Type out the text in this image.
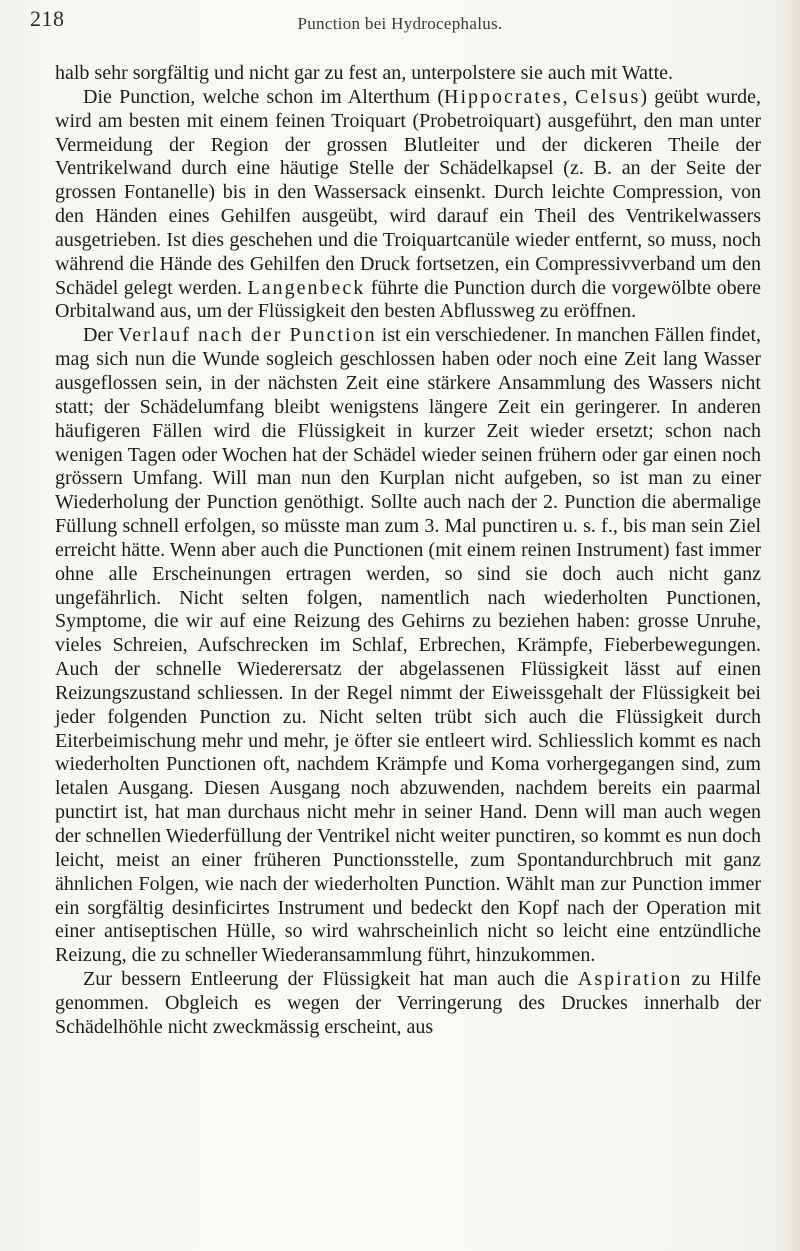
218	Punction bei Hydrocephalus.

halb sehr sorgfältig und nicht gar zu fest an, unterpolstere sie auch mit Watte.

Die Punction, welche schon im Alterthum (Hippocrates, Celsus) geübt wurde, wird am besten mit einem feinen Troiquart (Probetroiquart) ausgeführt, den man unter Vermeidung der Region der grossen Blutleiter und der dickeren Theile der Ventrikelwand durch eine häutige Stelle der Schädelkapsel (z. B. an der Seite der grossen Fontanelle) bis in den Wassersack einsenkt. Durch leichte Compression, von den Händen eines Gehilfen ausgeübt, wird darauf ein Theil des Ventrikelwassers ausgetrieben. Ist dies geschehen und die Troiquartcanüle wieder entfernt, so muss, noch während die Hände des Gehilfen den Druck fortsetzen, ein Compressivverband um den Schädel gelegt werden. Langenbeck führte die Punction durch die vorgewölbte obere Orbitalwand aus, um der Flüssigkeit den besten Abflussweg zu eröffnen.

Der Verlauf nach der Punction ist ein verschiedener. In manchen Fällen findet, mag sich nun die Wunde sogleich geschlossen haben oder noch eine Zeit lang Wasser ausgeflossen sein, in der nächsten Zeit eine stärkere Ansammlung des Wassers nicht statt; der Schädelumfang bleibt wenigstens längere Zeit ein geringerer. In anderen häufigeren Fällen wird die Flüssigkeit in kurzer Zeit wieder ersetzt; schon nach wenigen Tagen oder Wochen hat der Schädel wieder seinen frühern oder gar einen noch grössern Umfang. Will man nun den Kurplan nicht aufgeben, so ist man zu einer Wiederholung der Punction genöthigt. Sollte auch nach der 2. Punction die abermalige Füllung schnell erfolgen, so müsste man zum 3. Mal punctiren u. s. f., bis man sein Ziel erreicht hätte. Wenn aber auch die Punctionen (mit einem reinen Instrument) fast immer ohne alle Erscheinungen ertragen werden, so sind sie doch auch nicht ganz ungefährlich. Nicht selten folgen, namentlich nach wiederholten Punctionen, Symptome, die wir auf eine Reizung des Gehirns zu beziehen haben: grosse Unruhe, vieles Schreien, Aufschrecken im Schlaf, Erbrechen, Krämpfe, Fieberbewegungen. Auch der schnelle Wiederersatz der abgelassenen Flüssigkeit lässt auf einen Reizungszustand schliessen. In der Regel nimmt der Eiweissgehalt der Flüssigkeit bei jeder folgenden Punction zu. Nicht selten trübt sich auch die Flüssigkeit durch Eiterbeimischung mehr und mehr, je öfter sie entleert wird. Schliesslich kommt es nach wiederholten Punctionen oft, nachdem Krämpfe und Koma vorhergegangen sind, zum letalen Ausgang. Diesen Ausgang noch abzuwenden, nachdem bereits ein paarmal punctirt ist, hat man durchaus nicht mehr in seiner Hand. Denn will man auch wegen der schnellen Wiederfüllung der Ventrikel nicht weiter punctiren, so kommt es nun doch leicht, meist an einer früheren Punctionsstelle, zum Spontandurchbruch mit ganz ähnlichen Folgen, wie nach der wiederholten Punction. Wählt man zur Punction immer ein sorgfältig desinficirtes Instrument und bedeckt den Kopf nach der Operation mit einer antiseptischen Hülle, so wird wahrscheinlich nicht so leicht eine entzündliche Reizung, die zu schneller Wiederansammlung führt, hinzukommen.

Zur bessern Entleerung der Flüssigkeit hat man auch die Aspiration zu Hilfe genommen. Obgleich es wegen der Verringerung des Druckes innerhalb der Schädelhöhle nicht zweckmässig erscheint, aus
